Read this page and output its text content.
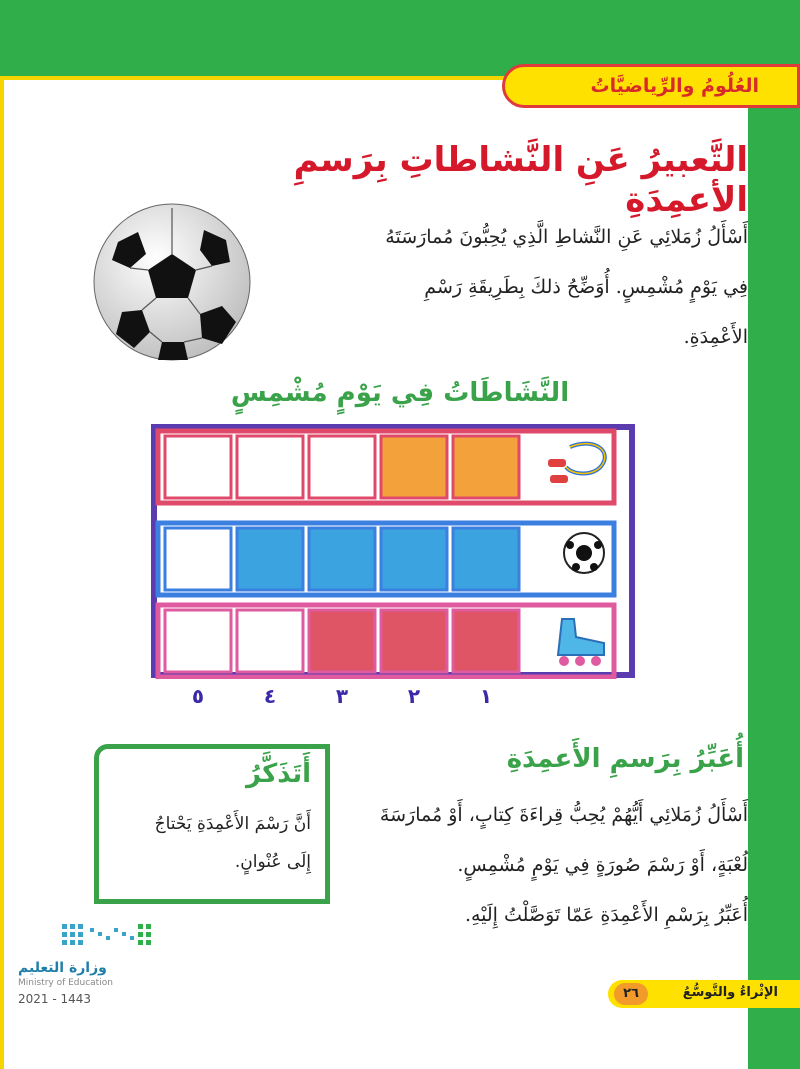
العُلُومُ والرِّياضيَّاتُ
التَّعبيرُ عَنِ النَّشاطاتِ بِرَسمِ الأعمِدَةِ
أَسْأَلُ زُمَلائِي عَنِ النَّشاطِ الَّذِي يُحِبُّونَ مُمارَسَتَهُ
فِي يَوْمٍ مُشْمِسٍ. أُوَضِّحُ ذلكَ بِطَرِيقَةِ رَسْمِ
الأَعْمِدَةِ.
النَّشَاطَاتُ فِي يَوْمٍ مُشْمِسٍ
١
٢
٣
٤
٥
أُعَبِّرُ بِرَسمِ الأَعمِدَةِ
أَسْأَلُ زُمَلائِي أَيُّهُمْ يُحِبُّ قِراءَةَ كِتابٍ، أَوْ مُمارَسَةَ
لُعْبَةٍ، أَوْ رَسْمَ صُورَةٍ فِي يَوْمٍ مُشْمِسٍ.
أُعَبِّرُ بِرَسْمِ الأَعْمِدَةِ عَمّا تَوَصَّلْتُ إِلَيْهِ.
أَتَذَكَّرُ
أَنَّ رَسْمَ الأَعْمِدَةِ يَحْتاجُ
إِلَى عُنْوانٍ.
وزارة التعليم
Ministry of Education
2021 - 1443	الإثْراءُ والتَّوسُّعُ
٢٦
